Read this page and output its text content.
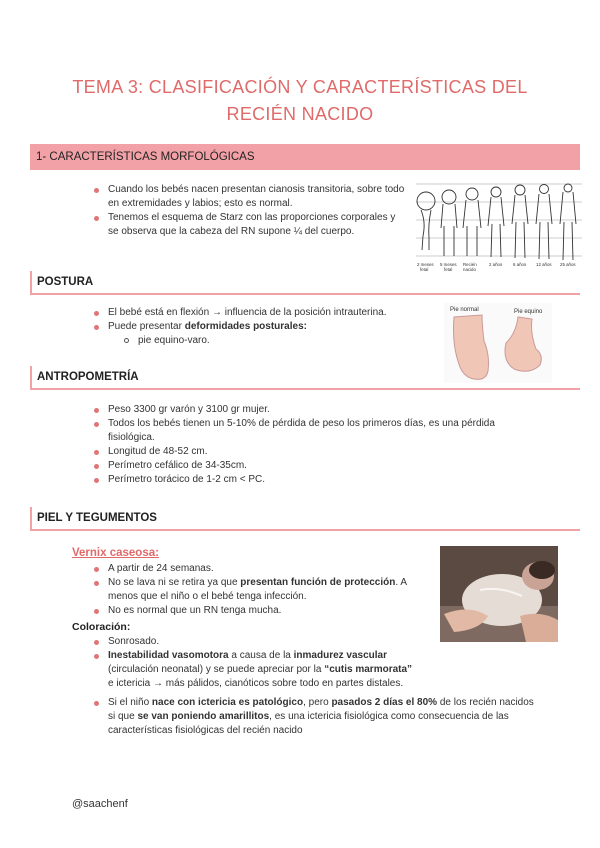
TEMA 3: CLASIFICACIÓN Y CARACTERÍSTICAS DEL
RECIÉN NACIDO
1- CARACTERÍSTICAS MORFOLÓGICAS
Cuando los bebés nacen presentan cianosis transitoria, sobre todo en extremidades y labios; esto es normal.
Tenemos el esquema de Starz con las proporciones corporales y se observa que la cabeza del RN supone ¼ del cuerpo.
2 meses
fetal
5 meses
fetal
Recién
nacido
2 años 6 años 12 años 25 años
POSTURA
El bebé está en flexión → influencia de la posición intrauterina.
Puede presentar deformidades posturales:
pie equino-varo.
Pie normal	Pie equino
ANTROPOMETRÍA
Peso 3300 gr varón y 3100 gr mujer.
Todos los bebés tienen un 5-10% de pérdida de peso los primeros días, es una pérdida fisiológica.
Longitud de 48-52 cm.
Perímetro cefálico de 34-35cm.
Perímetro torácico de 1-2 cm < PC.
PIEL Y TEGUMENTOS
Vernix caseosa:
A partir de 24 semanas.
No se lava ni se retira ya que presentan función de protección. A menos que el niño o el bebé tenga infección.
No es normal que un RN tenga mucha.
Coloración:
Sonrosado.
Inestabilidad vasomotora a causa de la inmadurez vascular (circulación neonatal) y se puede apreciar por la “cutis marmorata” e ictericia → más pálidos, cianóticos sobre todo en partes distales.
Si el niño nace con ictericia es patológico, pero pasados 2 días el 80% de los recién nacidos si que se van poniendo amarillitos, es una ictericia fisiológica como consecuencia de las características fisiológicas del recién nacido
@saachenf
